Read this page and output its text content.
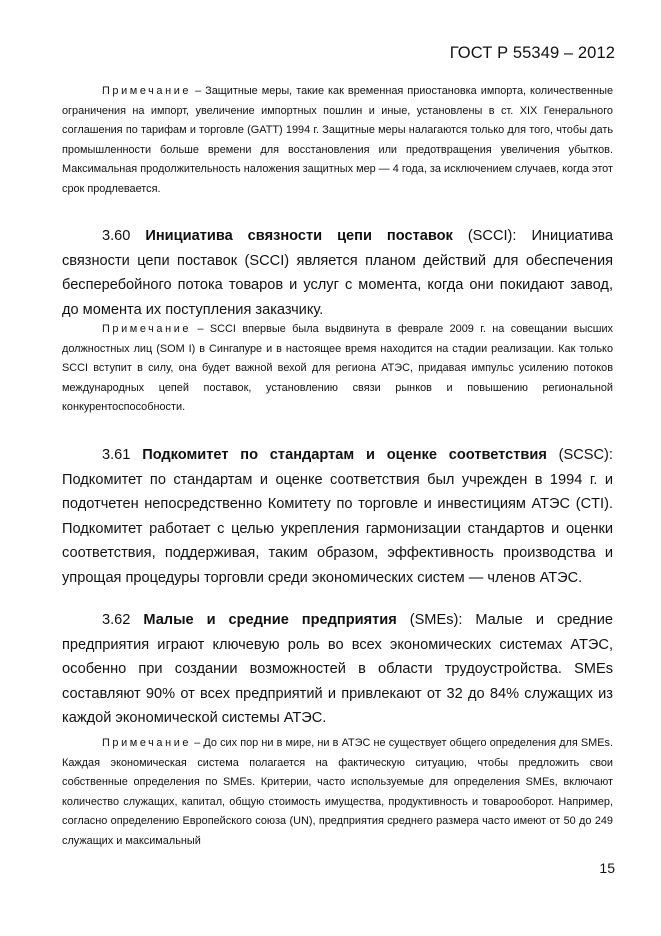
ГОСТ Р 55349 – 2012

Примечание – Защитные меры, такие как временная приостановка импорта, количественные ограничения на импорт, увеличение импортных пошлин и иные, установлены в ст. XIX Генерального соглашения по тарифам и торговле (GATT) 1994 г. Защитные меры налагаются только для того, чтобы дать промышленности больше времени для восстановления или предотвращения увеличения убытков. Максимальная продолжительность наложения защитных мер — 4 года, за исключением случаев, когда этот срок продлевается.

3.60 Инициатива связности цепи поставок (SCCI): Инициатива связности цепи поставок (SCCI) является планом действий для обеспечения бесперебойного потока товаров и услуг с момента, когда они покидают завод, до момента их поступления заказчику.

Примечание – SCCI впервые была выдвинута в феврале 2009 г. на совещании высших должностных лиц (SOM I) в Сингапуре и в настоящее время находится на стадии реализации. Как только SCCI вступит в силу, она будет важной вехой для региона АТЭС, придавая импульс усилению потоков международных цепей поставок, установлению связи рынков и повышению региональной конкурентоспособности.

3.61 Подкомитет по стандартам и оценке соответствия (SCSC): Подкомитет по стандартам и оценке соответствия был учрежден в 1994 г. и подотчетен непосредственно Комитету по торговле и инвестициям АТЭС (CTI). Подкомитет работает с целью укрепления гармонизации стандартов и оценки соответствия, поддерживая, таким образом, эффективность производства и упрощая процедуры торговли среди экономических систем — членов АТЭС.

3.62 Малые и средние предприятия (SMEs): Малые и средние предприятия играют ключевую роль во всех экономических системах АТЭС, особенно при создании возможностей в области трудоустройства. SMEs составляют 90% от всех предприятий и привлекают от 32 до 84% служащих из каждой экономической системы АТЭС.

Примечание – До сих пор ни в мире, ни в АТЭС не существует общего определения для SMEs. Каждая экономическая система полагается на фактическую ситуацию, чтобы предложить свои собственные определения по SMEs. Критерии, часто используемые для определения SMEs, включают количество служащих, капитал, общую стоимость имущества, продуктивность и товарооборот. Например, согласно определению Европейского союза (UN), предприятия среднего размера часто имеют от 50 до 249 служащих и максимальный

15
